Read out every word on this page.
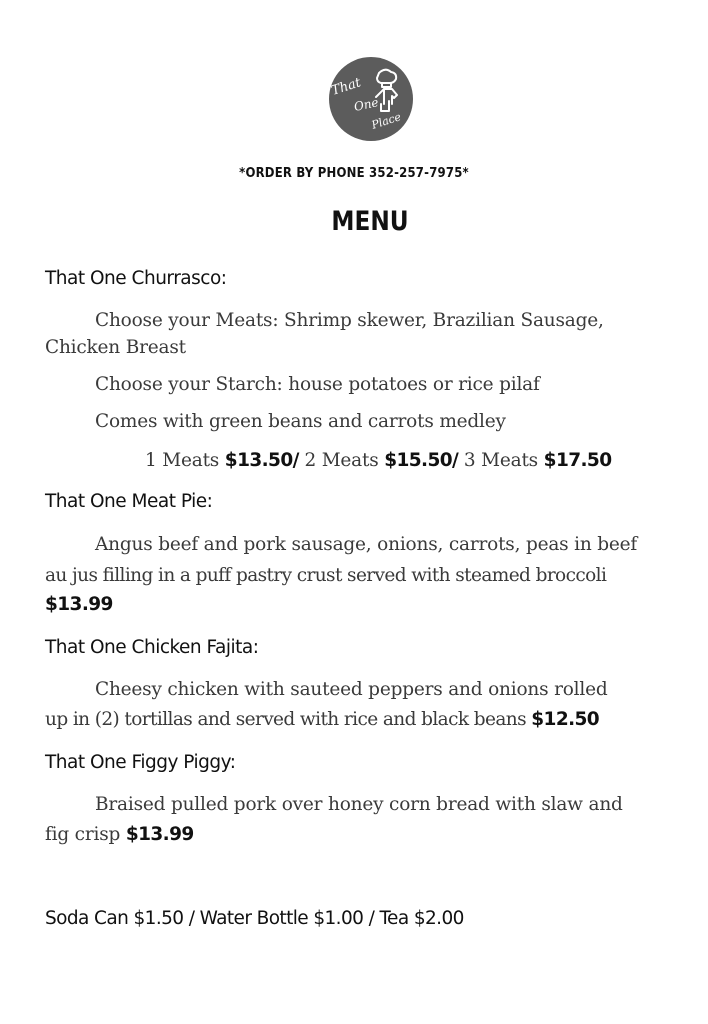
That
One
Place
*ORDER BY PHONE 352-257-7975*
MENU
That One Churrasco:
Choose your Meats: Shrimp skewer, Brazilian Sausage,
Chicken Breast
Choose your Starch: house potatoes or rice pilaf
Comes with green beans and carrots medley
1 Meats $13.50/ 2 Meats $15.50/ 3 Meats $17.50
That One Meat Pie:
Angus beef and pork sausage, onions, carrots, peas in beef
au jus filling in a puff pastry crust served with steamed broccoli
$13.99
That One Chicken Fajita:
Cheesy chicken with sauteed peppers and onions rolled
up in (2) tortillas and served with rice and black beans $12.50
That One Figgy Piggy:
Braised pulled pork over honey corn bread with slaw and
fig crisp $13.99
Soda Can $1.50 / Water Bottle $1.00 / Tea $2.00
